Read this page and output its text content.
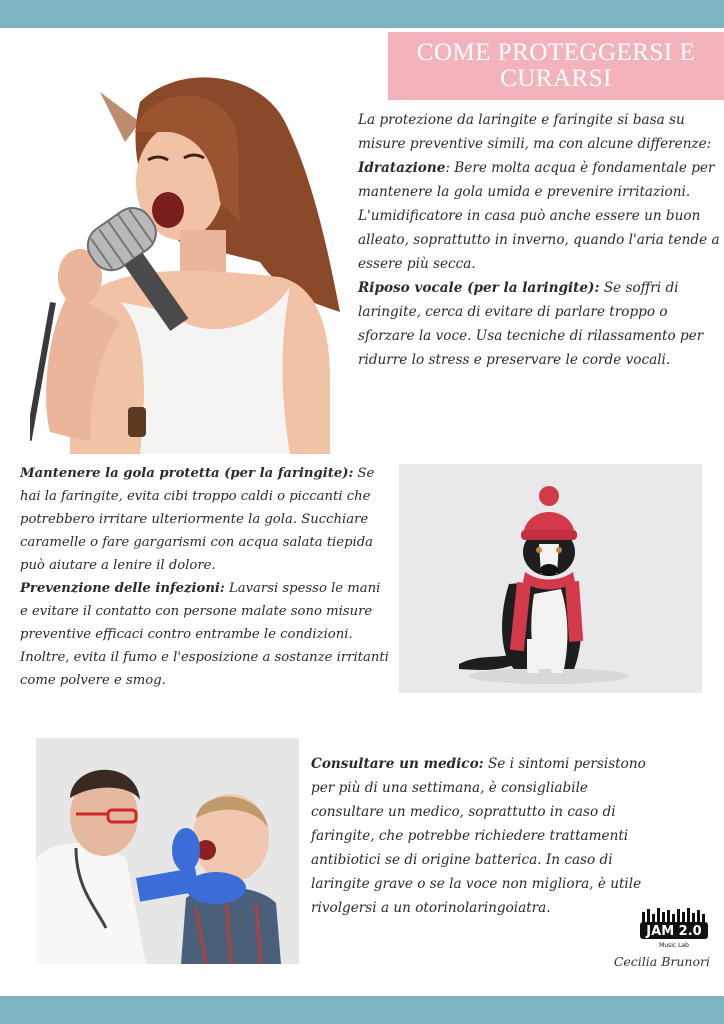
COME PROTEGGERSI E CURARSI

La protezione da laringite e faringite si basa su misure preventive simili, ma con alcune differenze:

Idratazione: Bere molta acqua è fondamentale per mantenere la gola umida e prevenire irritazioni. L'umidificatore in casa può anche essere un buon alleato, soprattutto in inverno, quando l'aria tende a essere più secca.

Riposo vocale (per la laringite): Se soffri di laringite, cerca di evitare di parlare troppo o sforzare la voce. Usa tecniche di rilassamento per ridurre lo stress e preservare le corde vocali.

Mantenere la gola protetta (per la faringite): Se hai la faringite, evita cibi troppo caldi o piccanti che potrebbero irritare ulteriormente la gola. Succhiare caramelle o fare gargarismi con acqua salata tiepida può aiutare a lenire il dolore.

Prevenzione delle infezioni: Lavarsi spesso le mani e evitare il contatto con persone malate sono misure preventive efficaci contro entrambe le condizioni. Inoltre, evita il fumo e l'esposizione a sostanze irritanti come polvere e smog.

Consultare un medico: Se i sintomi persistono per più di una settimana, è consigliabile consultare un medico, soprattutto in caso di faringite, che potrebbe richiedere trattamenti antibiotici se di origine batterica. In caso di laringite grave o se la voce non migliora, è utile rivolgersi a un otorinolaringoiatra.

JAM 2.0
Music Lab
Cecilia Brunori
